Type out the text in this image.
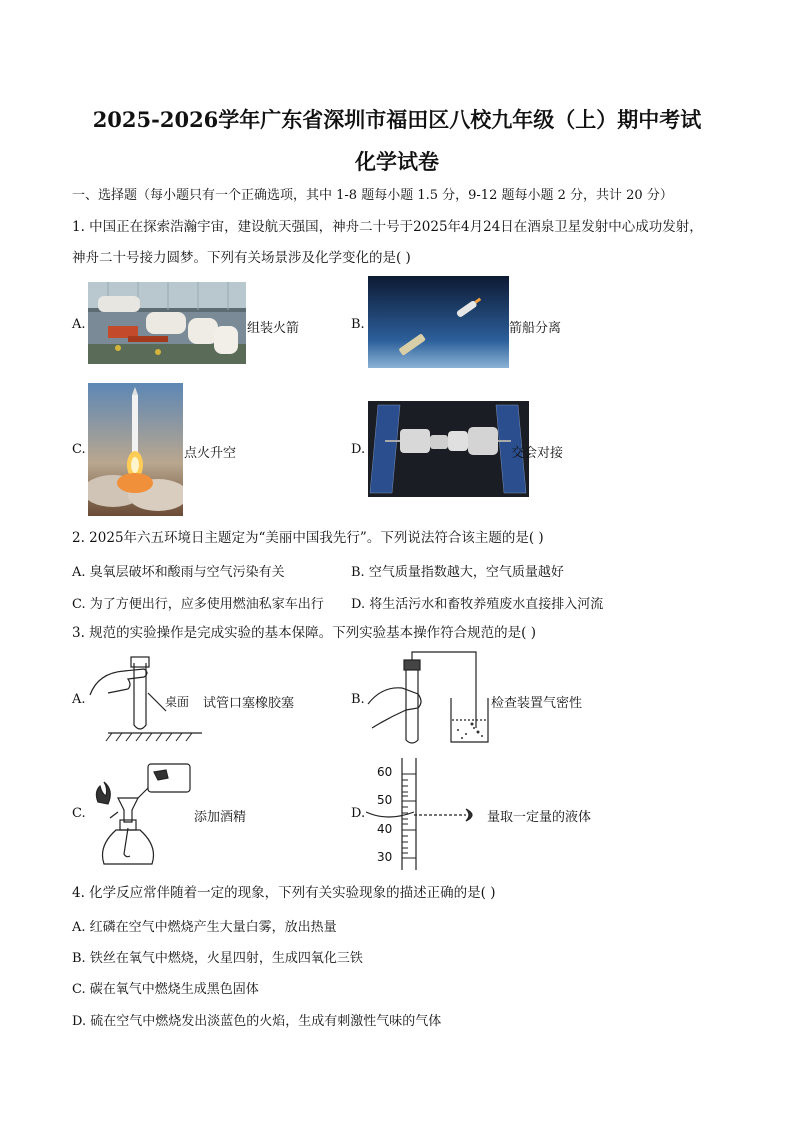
2025-2026学年广东省深圳市福田区八校九年级（上）期中考试
化学试卷
一、选择题（每小题只有一个正确选项，其中 1-8 题每小题 1.5 分，9-12 题每小题 2 分，共计 20 分）
1. 中国正在探索浩瀚宇宙，建设航天强国，神舟二十号于2025年4月24日在酒泉卫星发射中心成功发射，
神舟二十号接力圆梦。下列有关场景涉及化学变化的是( )
A.	组装火箭	B.	箭船分离
C.	点火升空	D.	交会对接
2. 2025年六五环境日主题定为“美丽中国我先行”。下列说法符合该主题的是( )
A. 臭氧层破坏和酸雨与空气污染有关	B. 空气质量指数越大，空气质量越好
C. 为了方便出行，应多使用燃油私家车出行 D. 将生活污水和畜牧养殖废水直接排入河流
3. 规范的实验操作是完成实验的基本保障。下列实验基本操作符合规范的是( )
A.	桌面 试管口塞橡胶塞	B.	检查装置气密性
C.	添加酒精	D.
60
50
40
30
量取一定量的液体
4. 化学反应常伴随着一定的现象，下列有关实验现象的描述正确的是( )
A. 红磷在空气中燃烧产生大量白雾，放出热量
B. 铁丝在氧气中燃烧，火星四射，生成四氧化三铁
C. 碳在氧气中燃烧生成黑色固体
D. 硫在空气中燃烧发出淡蓝色的火焰，生成有刺激性气味的气体
